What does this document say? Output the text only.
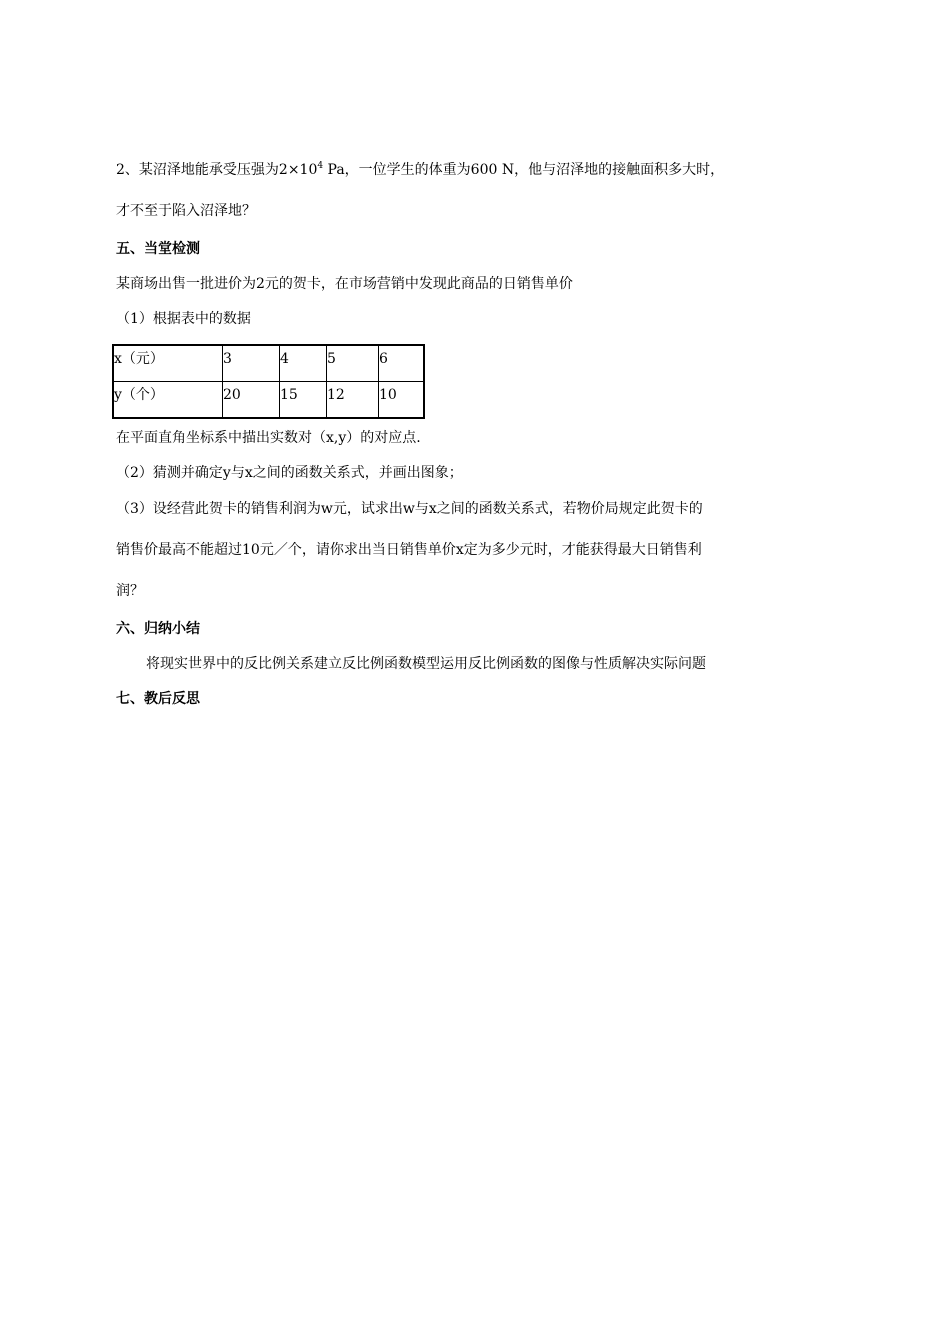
2、某沼泽地能承受压强为$2\times 10^4$ Pa，一位学生的体重为600 N，他与沼泽地的接触面积多大时，
才不至于陷入沼泽地？
五、当堂检测
某商场出售一批进价为2元的贺卡，在市场营销中发现此商品的日销售单价
（1）根据表中的数据
x（元）	3	4	5	6
y（个）	20	15	12	10
在平面直角坐标系中描出实数对（x,y）的对应点.
（2）猜测并确定y与x之间的函数关系式，并画出图象；
（3）设经营此贺卡的销售利润为w元，试求出w与x之间的函数关系式，若物价局规定此贺卡的
销售价最高不能超过10元／个，请你求出当日销售单价x定为多少元时，才能获得最大日销售利
润？
六、归纳小结
将现实世界中的反比例关系建立反比例函数模型运用反比例函数的图像与性质解决实际问题
七、教后反思
